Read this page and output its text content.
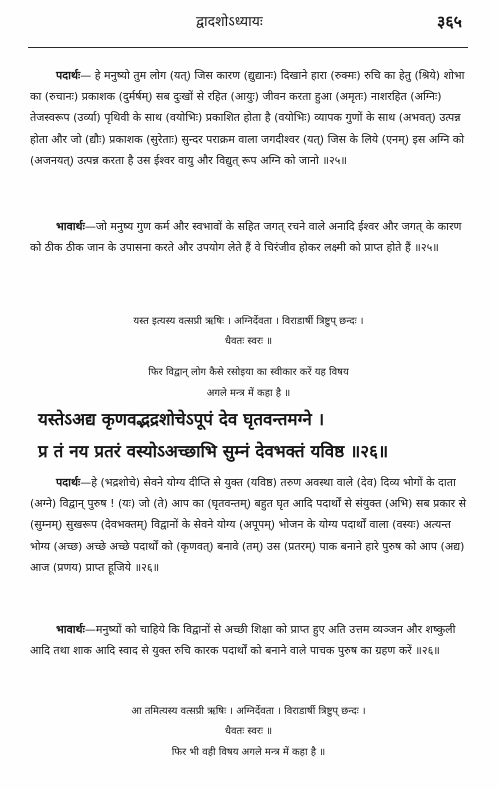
द्वादशोऽध्यायः	३६५
पदार्थः— हे मनुष्यो तुम लोग (यत्) जिस कारण (द्युद्यानः) दिखाने हारा (रुक्मः) रुचि का हेतु (श्रिये) शोभा का (रुचानः) प्रकाशक (दुर्मर्षम्) सब दुःखों से रहित (आयुः) जीवन करता हुआ (अमृतः) नाशरहित (अग्निः) तेजस्वरूप (उर्व्या) पृथिवी के साथ (वयोभिः) प्रकाशित होता है (वयोभिः) व्यापक गुणों के साथ (अभवत्) उत्पन्न होता और जो (द्यौः) प्रकाशक (सुरेताः) सुन्दर पराक्रम वाला जगदीश्वर (यत्) जिस के लिये (एनम्) इस अग्नि को (अजनयत्) उत्पन्न करता है उस ईश्वर वायु और विद्युत् रूप अग्नि को जानो ॥२५॥
भावार्थः—जो मनुष्य गुण कर्म और स्वभावों के सहित जगत् रचने वाले अनादि ईश्वर और जगत् के कारण को ठीक ठीक जान के उपासना करते और उपयोग लेते हैं वे चिरंजीव होकर लक्ष्मी को प्राप्त होते हैं ॥२५॥
यस्त इत्यस्य वत्सप्री ऋषिः । अग्निर्देवता । विराडार्षी त्रिष्टुप् छन्दः ।
धैवतः स्वरः ॥
फिर विद्वान् लोग कैसे रसोइया का स्वीकार करें यह विषय
अगले मन्त्र में कहा है ॥
यस्तेऽअद्य कृणवद्भद्रशोचेऽपूपं देव घृतवन्तमग्ने ।
प्र तं नय प्रतरं वस्योऽअच्छाभि सुम्नं देवभक्तं यविष्ठ ॥२६॥
पदार्थः—हे (भद्रशोचे) सेवने योग्य दीप्ति से युक्त (यविष्ठ) तरुण अवस्था वाले (देव) दिव्य भोगों के दाता (अग्ने) विद्वान् पुरुष ! (यः) जो (ते) आप का (घृतवन्तम्) बहुत घृत आदि पदार्थों से संयुक्त (अभि) सब प्रकार से (सुम्नम्) सुखरूप (देवभक्तम्) विद्वानों के सेवने योग्य (अपूपम्) भोजन के योग्य पदार्थों वाला (वस्यः) अत्यन्त भोग्य (अच्छ) अच्छे अच्छे पदार्थों को (कृणवत्) बनावे (तम्) उस (प्रतरम्) पाक बनाने हारे पुरुष को आप (अद्य) आज (प्रणय) प्राप्त हूजिये ॥२६॥
भावार्थः—मनुष्यों को चाहिये कि विद्वानों से अच्छी शिक्षा को प्राप्त हुए अति उत्तम व्यञ्जन और शष्कुली आदि तथा शाक आदि स्वाद से युक्त रुचि कारक पदार्थों को बनाने वाले पाचक पुरुष का ग्रहण करें ॥२६॥
आ तमित्यस्य वत्सप्री ऋषिः । अग्निर्देवता । विराडार्षी त्रिष्टुप् छन्दः ।
धैवतः स्वरः ॥
फिर भी वही विषय अगले मन्त्र में कहा है ॥
